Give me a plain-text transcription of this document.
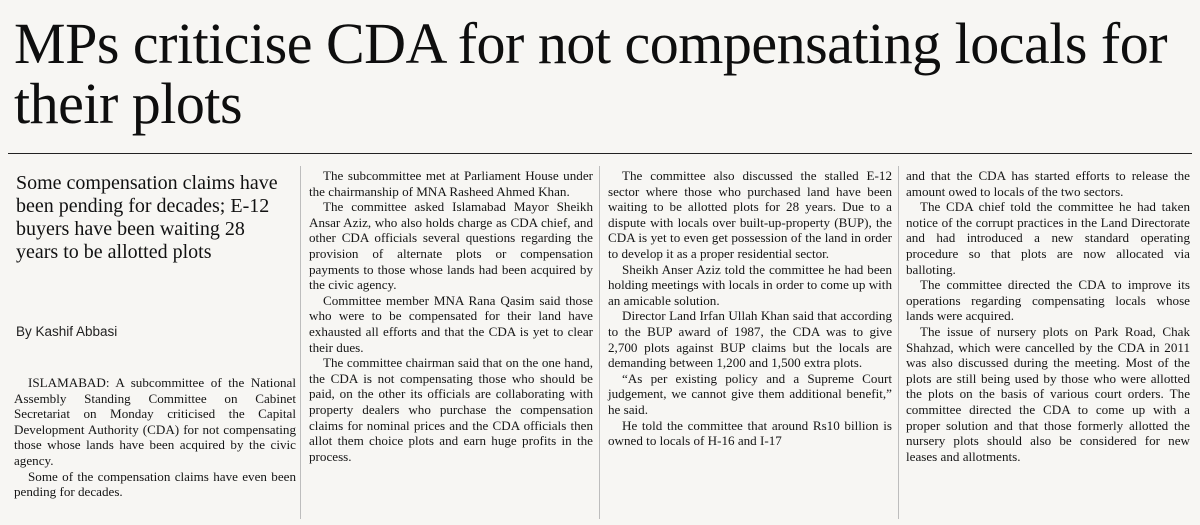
MPs criticise CDA for not compensating locals for their plots
Some compensation claims have been pending for decades; E-12 buyers have been waiting 28 years to be allotted plots
By Kashif Abbasi

ISLAMABAD: A subcommittee of the National Assembly Standing Committee on Cabinet Secretariat on Monday criticised the Capital Development Authority (CDA) for not compensating those whose lands have been acquired by the civic agency.

Some of the compensation claims have even been pending for decades.

The subcommittee met at Parliament House under the chairmanship of MNA Rasheed Ahmed Khan.

The committee asked Islamabad Mayor Sheikh Ansar Aziz, who also holds charge as CDA chief, and other CDA officials several questions regarding the provision of alternate plots or compensation payments to those whose lands had been acquired by the civic agency.

Committee member MNA Rana Qasim said those who were to be compensated for their land have exhausted all efforts and that the CDA is yet to clear their dues.

The committee chairman said that on the one hand, the CDA is not compensating those who should be paid, on the other its officials are collaborating with property dealers who purchase the compensation claims for nominal prices and the CDA officials then allot them choice plots and earn huge profits in the process.

The committee also discussed the stalled E-12 sector where those who purchased land have been waiting to be allotted plots for 28 years. Due to a dispute with locals over built-up-property (BUP), the CDA is yet to even get possession of the land in order to develop it as a proper residential sector.

Sheikh Anser Aziz told the committee he had been holding meetings with locals in order to come up with an amicable solution.

Director Land Irfan Ullah Khan said that according to the BUP award of 1987, the CDA was to give 2,700 plots against BUP claims but the locals are demanding between 1,200 and 1,500 extra plots.

“As per existing policy and a Supreme Court judgement, we cannot give them additional benefit,” he said.

He told the committee that around Rs10 billion is owned to locals of H-16 and I-17

and that the CDA has started efforts to release the amount owed to locals of the two sectors.

The CDA chief told the committee he had taken notice of the corrupt practices in the Land Directorate and had introduced a new standard operating procedure so that plots are now allocated via balloting.

The committee directed the CDA to improve its operations regarding compensating locals whose lands were acquired.

The issue of nursery plots on Park Road, Chak Shahzad, which were cancelled by the CDA in 2011 was also discussed during the meeting. Most of the plots are still being used by those who were allotted the plots on the basis of various court orders. The committee directed the CDA to come up with a proper solution and that those formerly allotted the nursery plots should also be considered for new leases and allotments.
